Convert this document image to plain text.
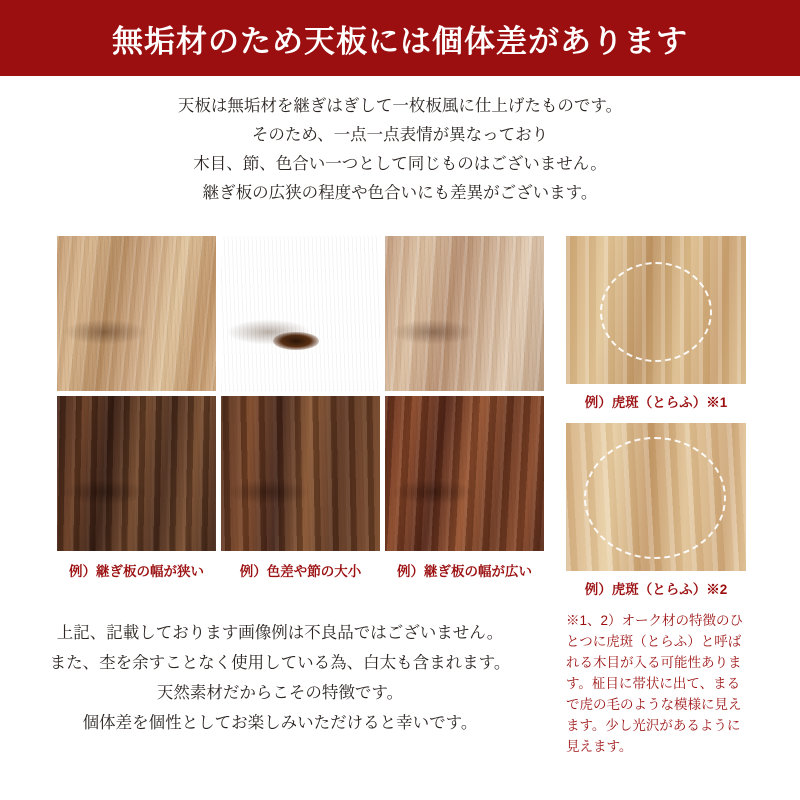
無垢材のため天板には個体差があります
天板は無垢材を継ぎはぎして一枚板風に仕上げたものです。
そのため、一点一点表情が異なっており
木目、節、色合い一つとして同じものはございません。
継ぎ板の広狭の程度や色合いにも差異がございます。
例）継ぎ板の幅が狭い	例）色差や節の大小	例）継ぎ板の幅が広い
例）虎斑（とらふ）※1
例）虎斑（とらふ）※2
※1、2）オーク材の特徴のひとつに虎斑（とらふ）と呼ばれる木目が入る可能性あります。柾目に帯状に出て、まるで虎の毛のような模様に見えます。少し光沢があるように見えます。
上記、記載しております画像例は不良品ではございません。
また、杢を余すことなく使用している為、白太も含まれます。
天然素材だからこその特徴です。
個体差を個性としてお楽しみいただけると幸いです。
